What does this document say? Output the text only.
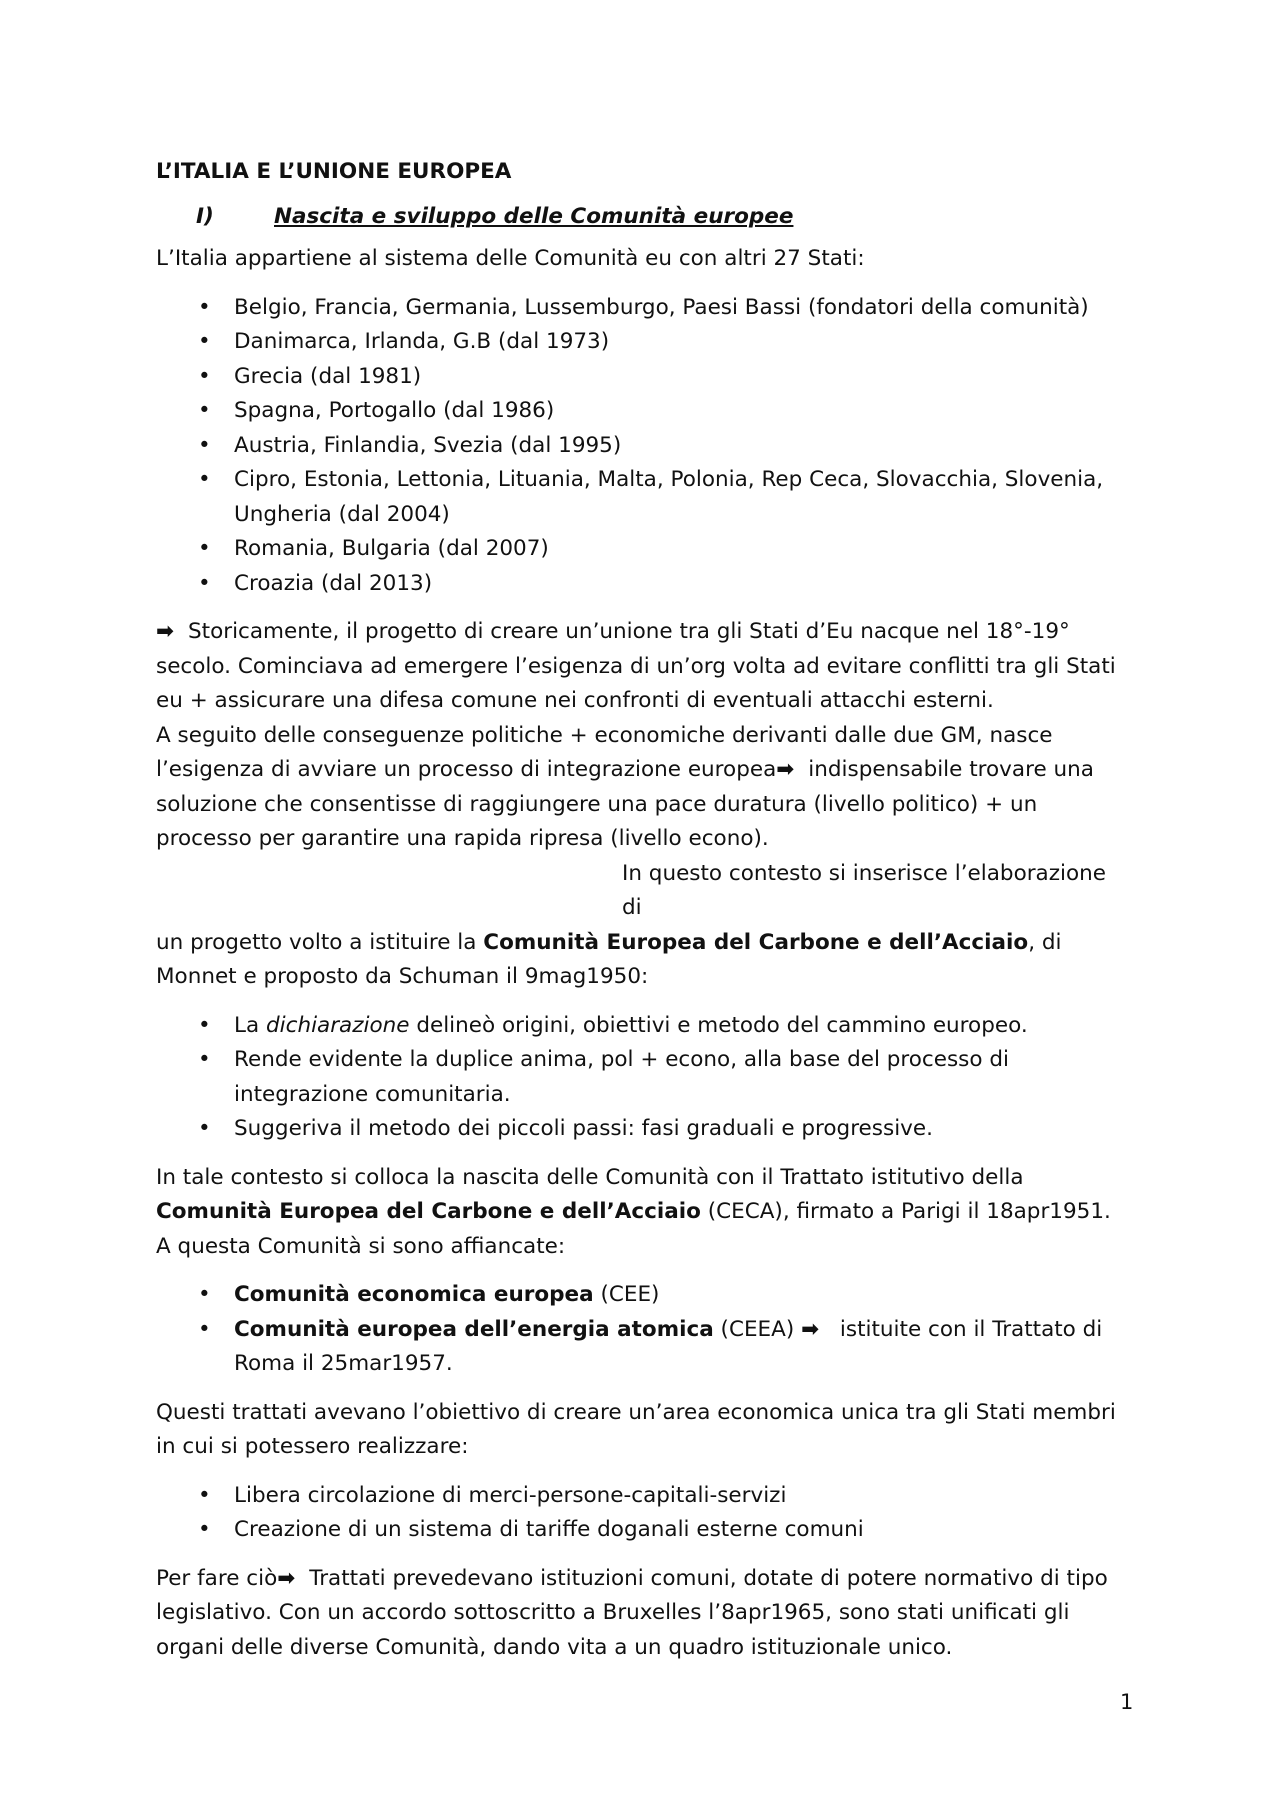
L’ITALIA E L’UNIONE EUROPEA
I)	Nascita e sviluppo delle Comunità europee

L’Italia appartiene al sistema delle Comunità eu con altri 27 Stati:

• Belgio, Francia, Germania, Lussemburgo, Paesi Bassi (fondatori della comunità)
• Danimarca, Irlanda, G.B (dal 1973)
• Grecia (dal 1981)
• Spagna, Portogallo (dal 1986)
• Austria, Finlandia, Svezia (dal 1995)
• Cipro, Estonia, Lettonia, Lituania, Malta, Polonia, Rep Ceca, Slovacchia, Slovenia, Ungheria (dal 2004)
• Romania, Bulgaria (dal 2007)
• Croazia (dal 2013)

➡ Storicamente, il progetto di creare un’unione tra gli Stati d’Eu nacque nel 18°-19° secolo. Cominciava ad emergere l’esigenza di un’org volta ad evitare conflitti tra gli Stati eu + assicurare una difesa comune nei confronti di eventuali attacchi esterni.
A seguito delle conseguenze politiche + economiche derivanti dalle due GM, nasce l’esigenza di avviare un processo di integrazione europea➡ indispensabile trovare una soluzione che consentisse di raggiungere una pace duratura (livello politico) + un processo per garantire una rapida ripresa (livello econo).
In questo contesto si inserisce l’elaborazione di
un progetto volto a istituire la Comunità Europea del Carbone e dell’Acciaio, di Monnet e proposto da Schuman il 9mag1950:

• La dichiarazione delineò origini, obiettivi e metodo del cammino europeo.
• Rende evidente la duplice anima, pol + econo, alla base del processo di integrazione comunitaria.
• Suggeriva il metodo dei piccoli passi: fasi graduali e progressive.

In tale contesto si colloca la nascita delle Comunità con il Trattato istitutivo della Comunità Europea del Carbone e dell’Acciaio (CECA), firmato a Parigi il 18apr1951.
A questa Comunità si sono affiancate:

• Comunità economica europea (CEE)
• Comunità europea dell’energia atomica (CEEA) ➡ istituite con il Trattato di Roma il 25mar1957.

Questi trattati avevano l’obiettivo di creare un’area economica unica tra gli Stati membri in cui si potessero realizzare:

• Libera circolazione di merci-persone-capitali-servizi
• Creazione di un sistema di tariffe doganali esterne comuni

Per fare ciò➡ Trattati prevedevano istituzioni comuni, dotate di potere normativo di tipo legislativo. Con un accordo sottoscritto a Bruxelles l’8apr1965, sono stati unificati gli organi delle diverse Comunità, dando vita a un quadro istituzionale unico.

1
